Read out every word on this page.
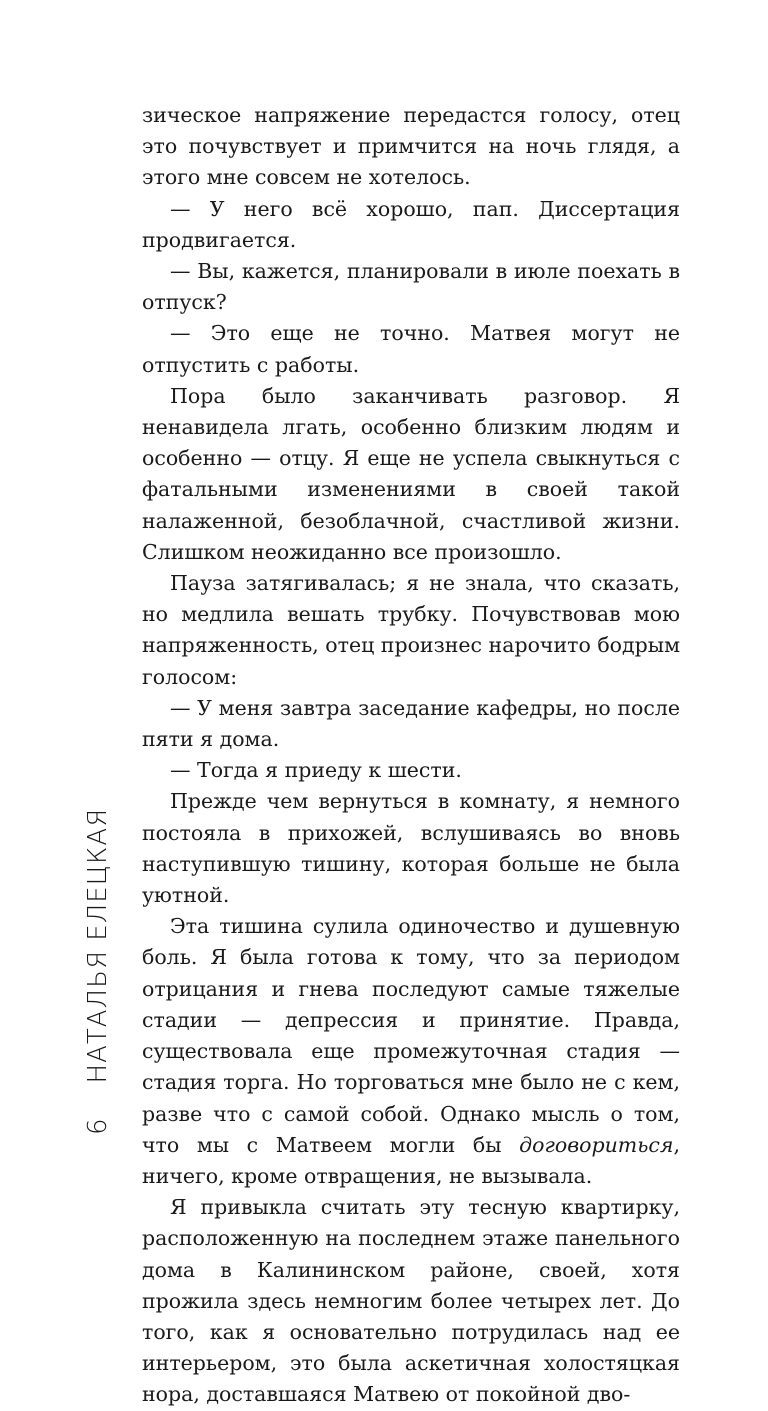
6НАТАЛЬЯ ЕЛЕЦКАЯ

зическое напряжение передастся голосу, отец это почувствует и примчится на ночь глядя, а этого мне совсем не хотелось.

— У него всё хорошо, пап. Диссертация продвигается.

— Вы, кажется, планировали в июле поехать в отпуск?

— Это еще не точно. Матвея могут не отпустить с работы.

Пора было заканчивать разговор. Я ненавидела лгать, особенно близким людям и особенно — отцу. Я еще не успела свыкнуться с фатальными изменениями в своей такой налаженной, безоблачной, счастливой жизни. Слишком неожиданно все произошло.

Пауза затягивалась; я не знала, что сказать, но медлила вешать трубку. Почувствовав мою напряженность, отец произнес нарочито бодрым голосом:

— У меня завтра заседание кафедры, но после пяти я дома.

— Тогда я приеду к шести.

Прежде чем вернуться в комнату, я немного постояла в прихожей, вслушиваясь во вновь наступившую тишину, которая больше не была уютной.

Эта тишина сулила одиночество и душевную боль. Я была готова к тому, что за периодом отрицания и гнева последуют самые тяжелые стадии — депрессия и принятие. Правда, существовала еще промежуточная стадия — стадия торга. Но торговаться мне было не с кем, разве что с самой собой. Однако мысль о том, что мы с Матвеем могли бы договориться, ничего, кроме отвращения, не вызывала.

Я привыкла считать эту тесную квартирку, расположенную на последнем этаже панельного дома в Калининском районе, своей, хотя прожила здесь немногим более четырех лет. До того, как я основательно потрудилась над ее интерьером, это была аскетичная холостяцкая нора, доставшаяся Матвею от покойной дво-
